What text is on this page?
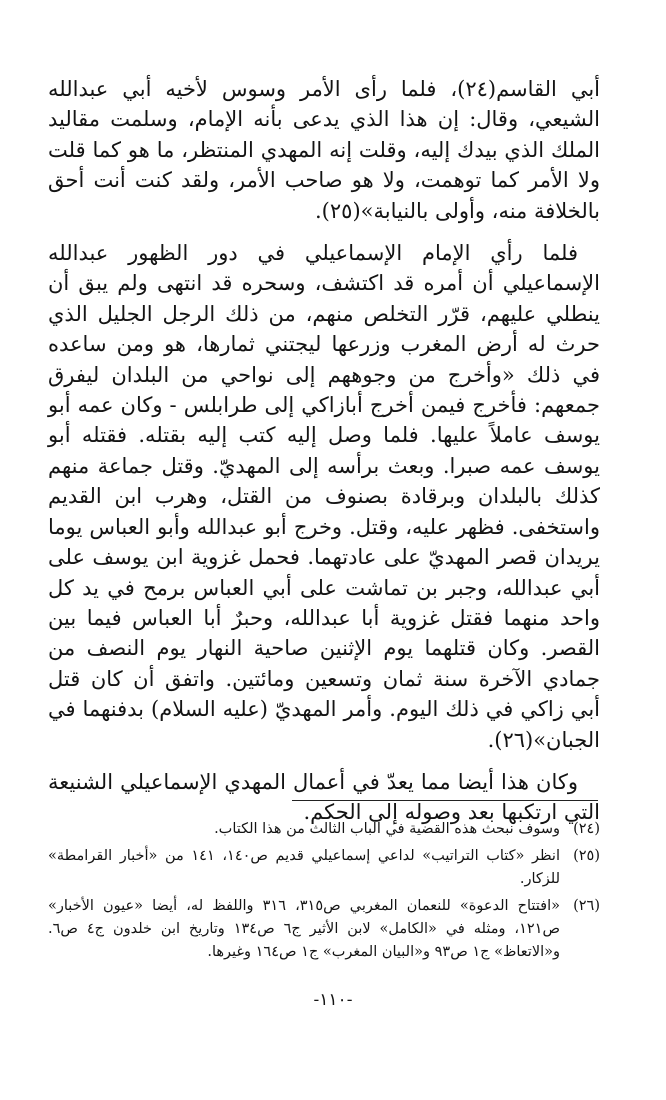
أبي القاسم(٢٤)، فلما رأى الأمر وسوس لأخيه أبي عبدالله الشيعي، وقال: إن هذا الذي يدعى بأنه الإمام، وسلمت مقاليد الملك الذي بيدك إليه، وقلت إنه المهدي المنتظر، ما هو كما قلت ولا الأمر كما توهمت، ولا هو صاحب الأمر، ولقد كنت أنت أحق بالخلافة منه، وأولى بالنيابة»(٢٥).

فلما رأي الإمام الإسماعيلي في دور الظهور عبدالله الإسماعيلي أن أمره قد اكتشف، وسحره قد انتهى ولم يبق أن ينطلي عليهم، قرّر التخلص منهم، من ذلك الرجل الجليل الذي حرث له أرض المغرب وزرعها ليجتني ثمارها، هو ومن ساعده في ذلك «وأخرج من وجوههم إلى نواحي من البلدان ليفرق جمعهم: فأخرج فيمن أخرج أبازاكي إلى طرابلس - وكان عمه أبو يوسف عاملاً عليها. فلما وصل إليه كتب إليه بقتله. فقتله أبو يوسف عمه صبرا. وبعث برأسه إلى المهديّ. وقتل جماعة منهم كذلك بالبلدان وبرقادة بصنوف من القتل، وهرب ابن القديم واستخفى. فظهر عليه، وقتل. وخرج أبو عبدالله وأبو العباس يوما يريدان قصر المهديّ على عادتهما. فحمل غزوية ابن يوسف على أبي عبدالله، وجبر بن تماشت على أبي العباس برمح في يد كل واحد منهما فقتل غزوية أبا عبدالله، وحبرٌ أبا العباس فيما بين القصر. وكان قتلهما يوم الإثنين صاحية النهار يوم النصف من جمادي الآخرة سنة ثمان وتسعين ومائتين. واتفق أن كان قتل أبي زاكي في ذلك اليوم. وأمر المهديّ (عليه السلام) بدفنهما في الجبان»(٢٦).

وكان هذا أيضا مما يعدّ في أعمال المهدي الإسماعيلي الشنيعة التي ارتكبها بعد وصوله إلى الحكم.

(٢٤)
وسوف نبحث هذه القضية في الباب الثالث من هذا الكتاب.
(٢٥)
انظر «كتاب التراتيب» لداعي إسماعيلي قديم ص١٤٠، ١٤١ من «أخبار القرامطة» للزكار.
(٢٦)
«افتتاح الدعوة» للنعمان المغربي ص٣١٥، ٣١٦ واللفظ له، أيضا «عيون الأخبار» ص١٢١، ومثله في «الكامل» لابن الأثير ج٦ ص١٣٤ وتاريخ ابن خلدون ج٤ ص٦. و«الاتعاظ» ج١ ص٩٣ و«البيان المغرب» ج١ ص١٦٤ وغيرها.
-١١٠-
